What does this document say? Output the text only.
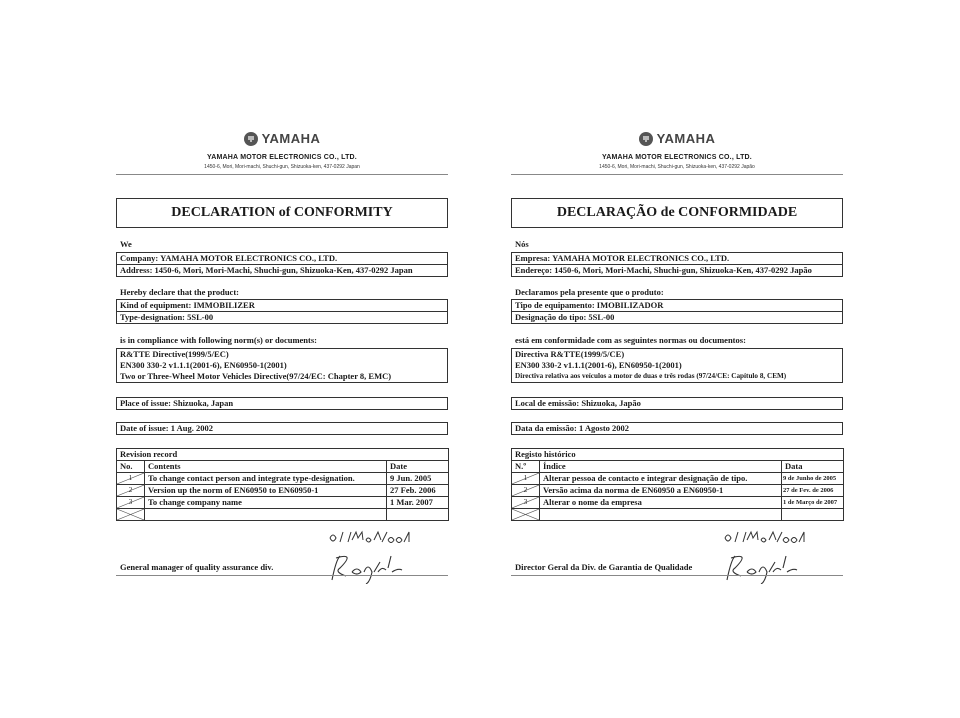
YAMAHA
YAMAHA MOTOR ELECTRONICS CO., LTD.
1450-6, Mori, Mori-machi, Shuchi-gun, Shizuoka-ken, 437-0292 Japan
DECLARATION of CONFORMITY
We
Company: YAMAHA MOTOR ELECTRONICS CO., LTD.
Address: 1450-6, Mori, Mori-Machi, Shuchi-gun, Shizuoka-Ken, 437-0292 Japan
Hereby declare that the product:
Kind of equipment: IMMOBILIZER
Type-designation: 5SL-00
is in compliance with following norm(s) or documents:
R&TTE Directive(1999/5/EC)
EN300 330-2 v1.1.1(2001-6), EN60950-1(2001)
Two or Three-Wheel Motor Vehicles Directive(97/24/EC: Chapter 8, EMC)
Place of issue: Shizuoka, Japan
Date of issue: 1 Aug. 2002
Revision record		
No.	Contents	Date

1	To change contact person and integrate type-designation.	9 Jun. 2005

2	Version up the norm of EN60950 to EN60950-1	27 Feb. 2006

3	To change company name	1 Mar. 2007

General manager of quality assurance div.
YAMAHA
YAMAHA MOTOR ELECTRONICS CO., LTD.
1450-6, Mori, Mori-machi, Shuchi-gun, Shizuoka-ken, 437-0292 Japão
DECLARAÇÃO de CONFORMIDADE
Nós
Empresa: YAMAHA MOTOR ELECTRONICS CO., LTD.
Endereço: 1450-6, Mori, Mori-Machi, Shuchi-gun, Shizuoka-Ken, 437-0292 Japão
Declaramos pela presente que o produto:
Tipo de equipamento: IMOBILIZADOR
Designação do tipo: 5SL-00
está em conformidade com as seguintes normas ou documentos:
Directiva R&TTE(1999/5/CE)
EN300 330-2 v1.1.1(2001-6), EN60950-1(2001)
Directiva relativa aos veículos a motor de duas e três rodas (97/24/CE: Capítulo 8, CEM)
Local de emissão: Shizuoka, Japão
Data da emissão: 1 Agosto 2002
Registo histórico		
N.º	Índice	Data

1	Alterar pessoa de contacto e integrar designação de tipo.	9 de Junho de 2005

2	Versão acima da norma de EN60950 a EN60950-1	27 de Fev. de 2006

3	Alterar o nome da empresa	1 de Março de 2007

Director Geral da Div. de Garantia de Qualidade
